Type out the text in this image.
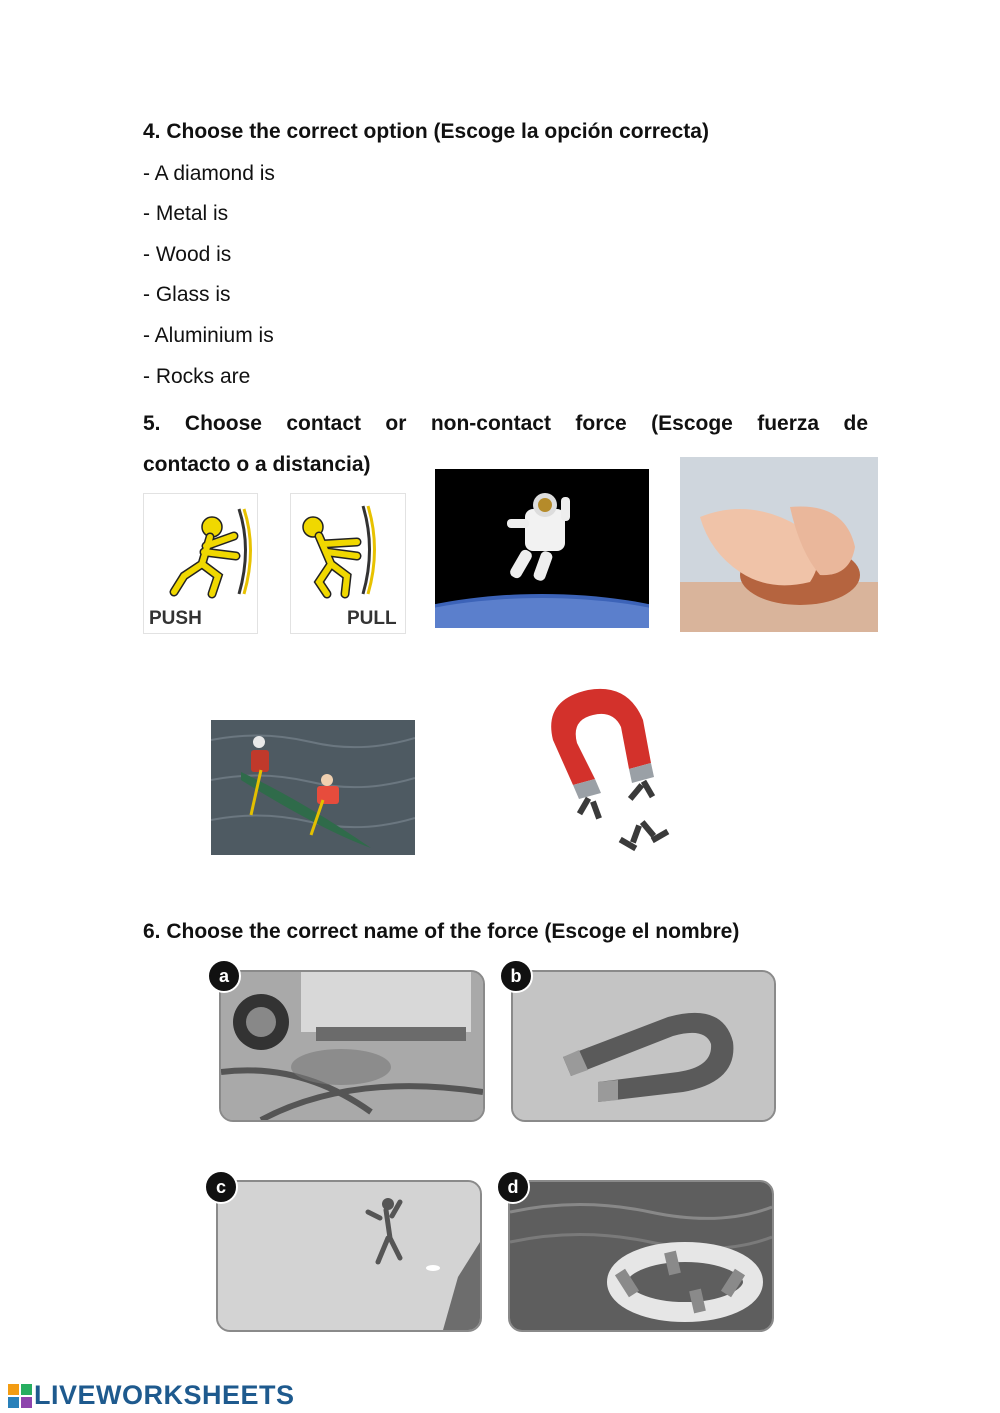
4. Choose the correct option (Escoge la opción correcta)
- A diamond is
- Metal is
- Wood is
- Glass is
- Aluminium is
- Rocks are
5. Choose contact or non-contact force (Escoge fuerza de
contacto o a distancia)
PUSH	PULL
6. Choose the correct name of the force (Escoge el nombre)
a	b
c	d
LIVEWORKSHEETS
